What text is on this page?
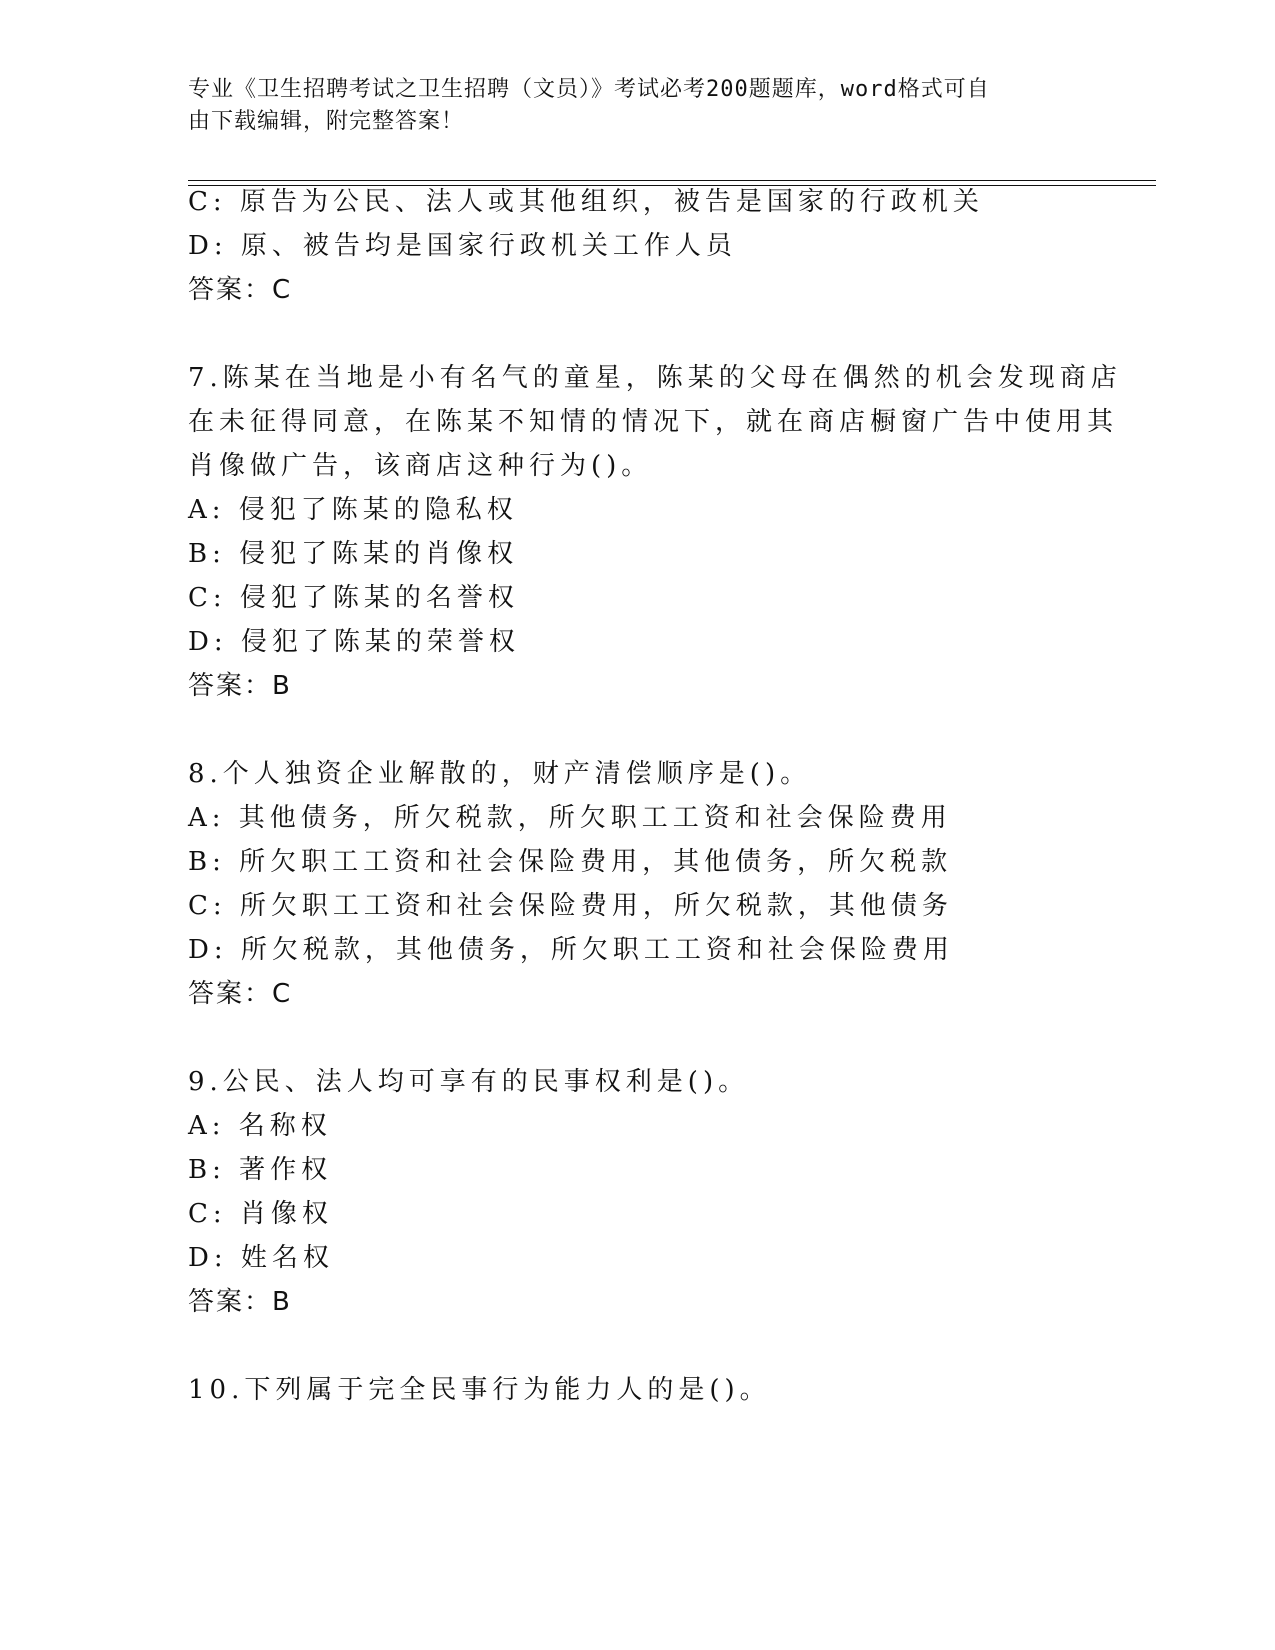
专业《卫生招聘考试之卫生招聘（文员）》考试必考200题题库，word格式可自
由下载编辑，附完整答案！
C: 原告为公民、法人或其他组织，被告是国家的行政机关
D: 原、被告均是国家行政机关工作人员
答案：C
7.陈某在当地是小有名气的童星，陈某的父母在偶然的机会发现商店
在未征得同意，在陈某不知情的情况下，就在商店橱窗广告中使用其
肖像做广告，该商店这种行为()。
A: 侵犯了陈某的隐私权
B: 侵犯了陈某的肖像权
C: 侵犯了陈某的名誉权
D: 侵犯了陈某的荣誉权
答案：B
8.个人独资企业解散的，财产清偿顺序是()。
A: 其他债务，所欠税款，所欠职工工资和社会保险费用
B: 所欠职工工资和社会保险费用，其他债务，所欠税款
C: 所欠职工工资和社会保险费用，所欠税款，其他债务
D: 所欠税款，其他债务，所欠职工工资和社会保险费用
答案：C
9.公民、法人均可享有的民事权利是()。
A: 名称权
B: 著作权
C: 肖像权
D: 姓名权
答案：B
10.下列属于完全民事行为能力人的是()。
